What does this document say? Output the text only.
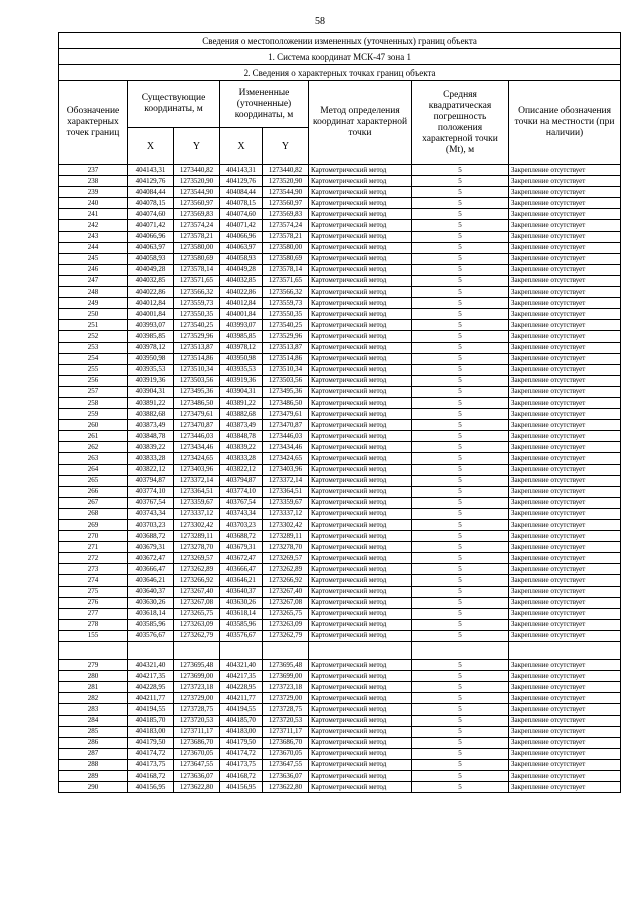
58
Сведения о местоположении измененных (уточненных) границ объекта							
1. Система координат МСК-47 зона 1							
2. Сведения о характерных точках границ объекта							
Обозначение характерных точек границ	Существующие координаты, м		Измененные (уточненные) координаты, м		Метод определения координат характерной точки	Средняя квадратическая погрешность положения характерной точки (Mt), м	Описание обозначения точки на местности (при наличии)
	X	Y	X	Y			
237	404143,31	1273440,82	404143,31	1273440,82	Картометрический метод	5	Закрепление отсутствует
238	404129,76	1273520,90	404129,76	1273520,90	Картометрический метод	5	Закрепление отсутствует
239	404084,44	1273544,90	404084,44	1273544,90	Картометрический метод	5	Закрепление отсутствует
240	404078,15	1273560,97	404078,15	1273560,97	Картометрический метод	5	Закрепление отсутствует
241	404074,60	1273569,83	404074,60	1273569,83	Картометрический метод	5	Закрепление отсутствует
242	404071,42	1273574,24	404071,42	1273574,24	Картометрический метод	5	Закрепление отсутствует
243	404066,96	1273578,21	404066,96	1273578,21	Картометрический метод	5	Закрепление отсутствует
244	404063,97	1273580,00	404063,97	1273580,00	Картометрический метод	5	Закрепление отсутствует
245	404058,93	1273580,69	404058,93	1273580,69	Картометрический метод	5	Закрепление отсутствует
246	404049,28	1273578,14	404049,28	1273578,14	Картометрический метод	5	Закрепление отсутствует
247	404032,85	1273571,65	404032,85	1273571,65	Картометрический метод	5	Закрепление отсутствует
248	404022,86	1273566,32	404022,86	1273566,32	Картометрический метод	5	Закрепление отсутствует
249	404012,84	1273559,73	404012,84	1273559,73	Картометрический метод	5	Закрепление отсутствует
250	404001,84	1273550,35	404001,84	1273550,35	Картометрический метод	5	Закрепление отсутствует
251	403993,07	1273540,25	403993,07	1273540,25	Картометрический метод	5	Закрепление отсутствует
252	403985,85	1273529,96	403985,85	1273529,96	Картометрический метод	5	Закрепление отсутствует
253	403978,12	1273513,87	403978,12	1273513,87	Картометрический метод	5	Закрепление отсутствует
254	403950,98	1273514,86	403950,98	1273514,86	Картометрический метод	5	Закрепление отсутствует
255	403935,53	1273510,34	403935,53	1273510,34	Картометрический метод	5	Закрепление отсутствует
256	403919,36	1273503,56	403919,36	1273503,56	Картометрический метод	5	Закрепление отсутствует
257	403904,31	1273495,36	403904,31	1273495,36	Картометрический метод	5	Закрепление отсутствует
258	403891,22	1273486,50	403891,22	1273486,50	Картометрический метод	5	Закрепление отсутствует
259	403882,68	1273479,61	403882,68	1273479,61	Картометрический метод	5	Закрепление отсутствует
260	403873,49	1273470,87	403873,49	1273470,87	Картометрический метод	5	Закрепление отсутствует
261	403848,78	1273446,03	403848,78	1273446,03	Картометрический метод	5	Закрепление отсутствует
262	403839,22	1273434,46	403839,22	1273434,46	Картометрический метод	5	Закрепление отсутствует
263	403833,28	1273424,65	403833,28	1273424,65	Картометрический метод	5	Закрепление отсутствует
264	403822,12	1273403,96	403822,12	1273403,96	Картометрический метод	5	Закрепление отсутствует
265	403794,87	1273372,14	403794,87	1273372,14	Картометрический метод	5	Закрепление отсутствует
266	403774,10	1273364,51	403774,10	1273364,51	Картометрический метод	5	Закрепление отсутствует
267	403767,54	1273359,67	403767,54	1273359,67	Картометрический метод	5	Закрепление отсутствует
268	403743,34	1273337,12	403743,34	1273337,12	Картометрический метод	5	Закрепление отсутствует
269	403703,23	1273302,42	403703,23	1273302,42	Картометрический метод	5	Закрепление отсутствует
270	403688,72	1273289,11	403688,72	1273289,11	Картометрический метод	5	Закрепление отсутствует
271	403679,31	1273278,70	403679,31	1273278,70	Картометрический метод	5	Закрепление отсутствует
272	403672,47	1273269,57	403672,47	1273269,57	Картометрический метод	5	Закрепление отсутствует
273	403666,47	1273262,89	403666,47	1273262,89	Картометрический метод	5	Закрепление отсутствует
274	403646,21	1273266,92	403646,21	1273266,92	Картометрический метод	5	Закрепление отсутствует
275	403640,37	1273267,40	403640,37	1273267,40	Картометрический метод	5	Закрепление отсутствует
276	403630,26	1273267,08	403630,26	1273267,08	Картометрический метод	5	Закрепление отсутствует
277	403618,14	1273265,75	403618,14	1273265,75	Картометрический метод	5	Закрепление отсутствует
278	403585,96	1273263,09	403585,96	1273263,09	Картометрический метод	5	Закрепление отсутствует
155	403576,67	1273262,79	403576,67	1273262,79	Картометрический метод	5	Закрепление отсутствует

279	404321,40	1273695,48	404321,40	1273695,48	Картометрический метод	5	Закрепление отсутствует
280	404217,35	1273699,00	404217,35	1273699,00	Картометрический метод	5	Закрепление отсутствует
281	404228,95	1273723,18	404228,95	1273723,18	Картометрический метод	5	Закрепление отсутствует
282	404211,77	1273729,00	404211,77	1273729,00	Картометрический метод	5	Закрепление отсутствует
283	404194,55	1273728,75	404194,55	1273728,75	Картометрический метод	5	Закрепление отсутствует
284	404185,70	1273720,53	404185,70	1273720,53	Картометрический метод	5	Закрепление отсутствует
285	404183,00	1273711,17	404183,00	1273711,17	Картометрический метод	5	Закрепление отсутствует
286	404179,50	1273686,70	404179,50	1273686,70	Картометрический метод	5	Закрепление отсутствует
287	404174,72	1273670,05	404174,72	1273670,05	Картометрический метод	5	Закрепление отсутствует
288	404173,75	1273647,55	404173,75	1273647,55	Картометрический метод	5	Закрепление отсутствует
289	404168,72	1273636,07	404168,72	1273636,07	Картометрический метод	5	Закрепление отсутствует
290	404156,95	1273622,80	404156,95	1273622,80	Картометрический метод	5	Закрепление отсутствует
